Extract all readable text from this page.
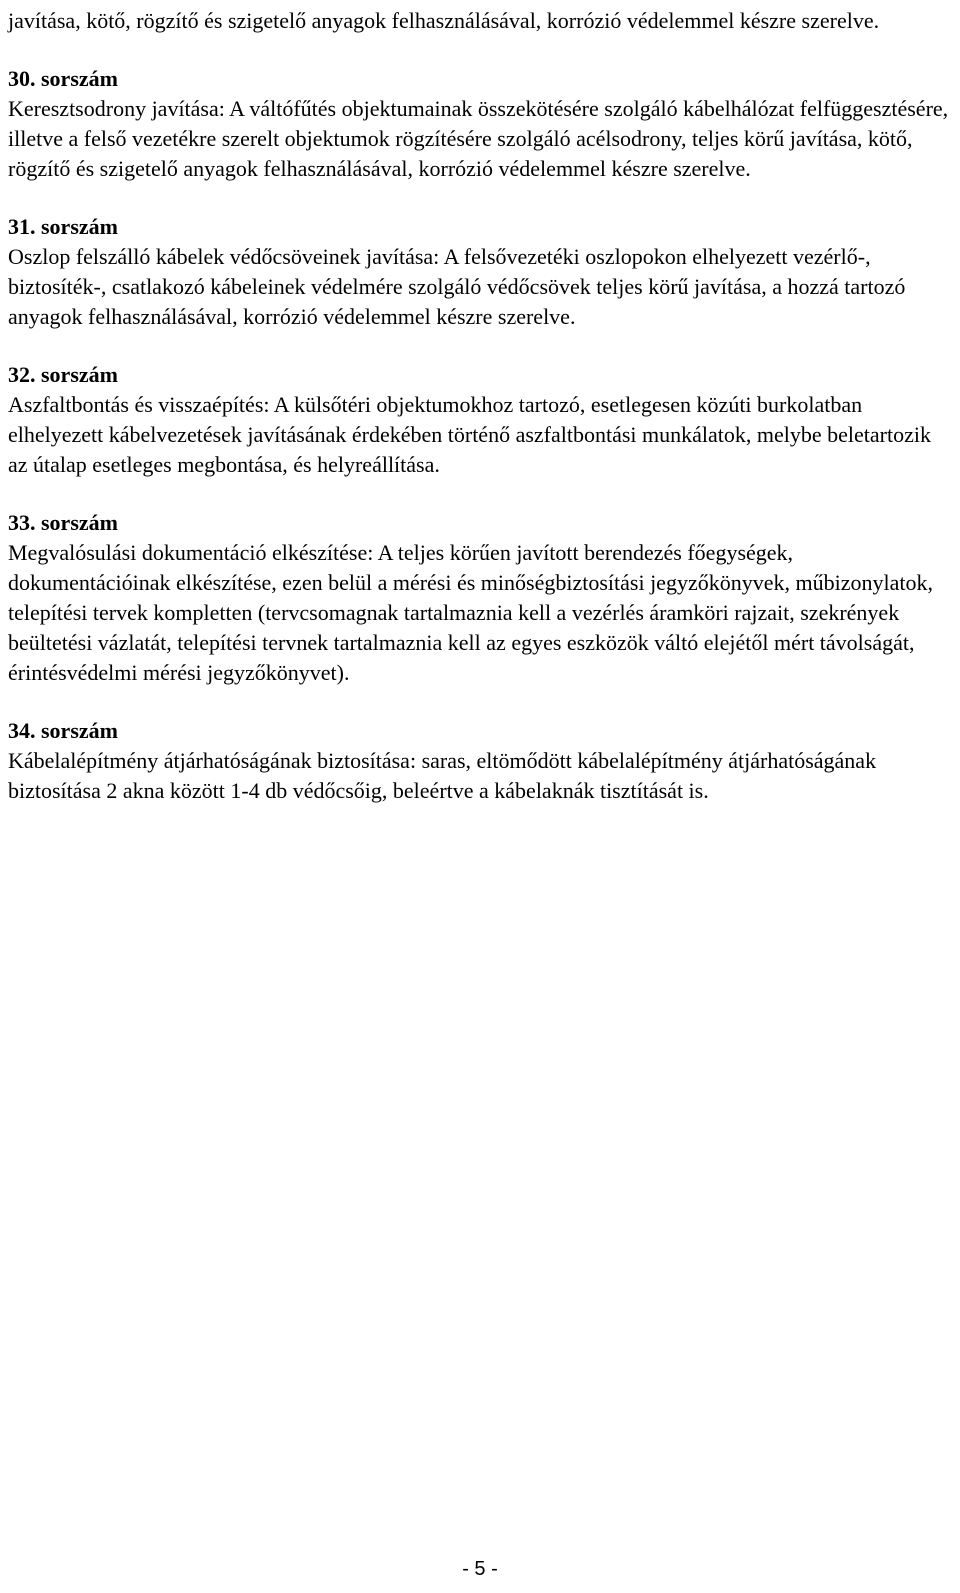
javítása, kötő, rögzítő és szigetelő anyagok felhasználásával, korrózió védelemmel készre szerelve.

30. sorszám

Keresztsodrony javítása: A váltófűtés objektumainak összekötésére szolgáló kábelhálózat felfüggesztésére, illetve a felső vezetékre szerelt objektumok rögzítésére szolgáló acélsodrony, teljes körű javítása, kötő, rögzítő és szigetelő anyagok felhasználásával, korrózió védelemmel készre szerelve.

31. sorszám

Oszlop felszálló kábelek védőcsöveinek javítása: A felsővezetéki oszlopokon elhelyezett vezérlő-, biztosíték-, csatlakozó kábeleinek védelmére szolgáló védőcsövek teljes körű javítása, a hozzá tartozó anyagok felhasználásával, korrózió védelemmel készre szerelve.

32. sorszám

Aszfaltbontás és visszaépítés: A külsőtéri objektumokhoz tartozó, esetlegesen közúti burkolatban elhelyezett kábelvezetések javításának érdekében történő aszfaltbontási munkálatok, melybe beletartozik az útalap esetleges megbontása, és helyreállítása.

33. sorszám

Megvalósulási dokumentáció elkészítése: A teljes körűen javított berendezés főegységek, dokumentációinak elkészítése, ezen belül a mérési és minőségbiztosítási jegyzőkönyvek, műbizonylatok, telepítési tervek kompletten (tervcsomagnak tartalmaznia kell a vezérlés áramköri rajzait, szekrények beültetési vázlatát, telepítési tervnek tartalmaznia kell az egyes eszközök váltó elejétől mért távolságát, érintésvédelmi mérési jegyzőkönyvet).

34. sorszám

Kábelalépítmény átjárhatóságának biztosítása: saras, eltömődött kábelalépítmény átjárhatóságának biztosítása 2 akna között 1-4 db védőcsőig, beleértve a kábelaknák tisztítását is.

- 5 -
